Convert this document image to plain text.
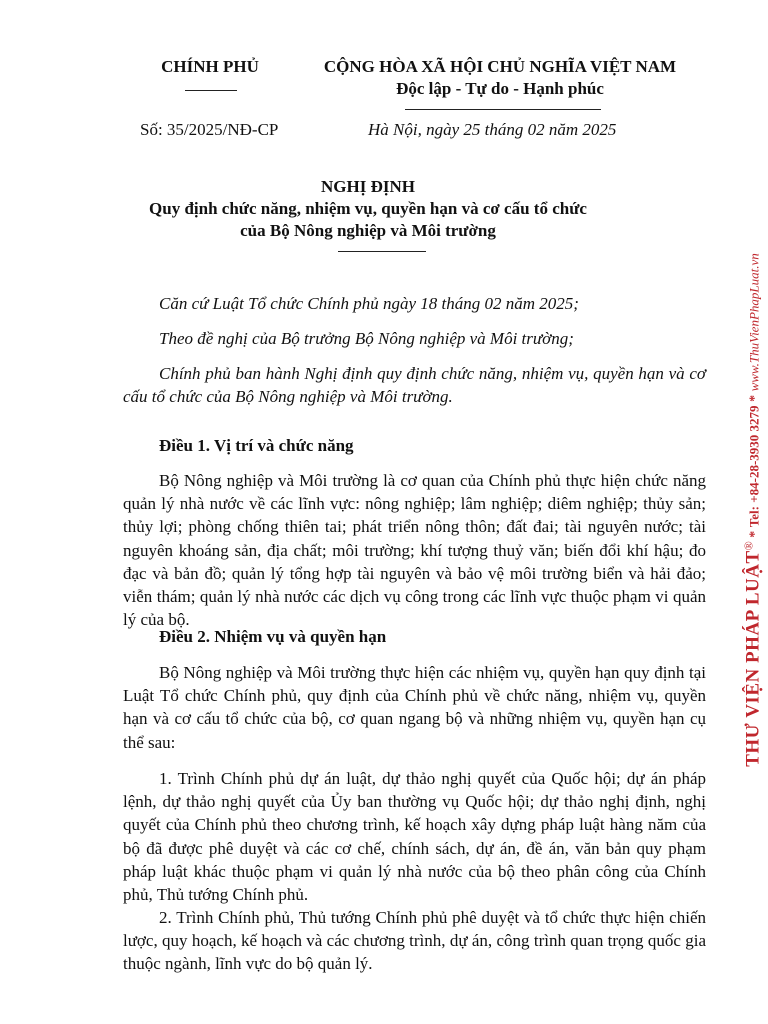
CHÍNH PHỦ	CỘNG HÒA XÃ HỘI CHỦ NGHĨA VIỆT NAM
Độc lập - Tự do - Hạnh phúc
Số: 35/2025/NĐ-CP	Hà Nội, ngày 25 tháng 02 năm 2025
NGHỊ ĐỊNH
Quy định chức năng, nhiệm vụ, quyền hạn và cơ cấu tổ chức
của Bộ Nông nghiệp và Môi trường
Căn cứ Luật Tổ chức Chính phủ ngày 18 tháng 02 năm 2025;
Theo đề nghị của Bộ trưởng Bộ Nông nghiệp và Môi trường;
Chính phủ ban hành Nghị định quy định chức năng, nhiệm vụ, quyền hạn và cơ cấu tổ chức của Bộ Nông nghiệp và Môi trường.
Điều 1. Vị trí và chức năng
Bộ Nông nghiệp và Môi trường là cơ quan của Chính phủ thực hiện chức năng quản lý nhà nước về các lĩnh vực: nông nghiệp; lâm nghiệp; diêm nghiệp; thủy sản; thủy lợi; phòng chống thiên tai; phát triển nông thôn; đất đai; tài nguyên nước; tài nguyên khoáng sản, địa chất; môi trường; khí tượng thuỷ văn; biến đổi khí hậu; đo đạc và bản đồ; quản lý tổng hợp tài nguyên và bảo vệ môi trường biển và hải đảo; viễn thám; quản lý nhà nước các dịch vụ công trong các lĩnh vực thuộc phạm vi quản lý của bộ.
Điều 2. Nhiệm vụ và quyền hạn
Bộ Nông nghiệp và Môi trường thực hiện các nhiệm vụ, quyền hạn quy định tại Luật Tổ chức Chính phủ, quy định của Chính phủ về chức năng, nhiệm vụ, quyền hạn và cơ cấu tổ chức của bộ, cơ quan ngang bộ và những nhiệm vụ, quyền hạn cụ thể sau:
1. Trình Chính phủ dự án luật, dự thảo nghị quyết của Quốc hội; dự án pháp lệnh, dự thảo nghị quyết của Ủy ban thường vụ Quốc hội; dự thảo nghị định, nghị quyết của Chính phủ theo chương trình, kế hoạch xây dựng pháp luật hàng năm của bộ đã được phê duyệt và các cơ chế, chính sách, dự án, đề án, văn bản quy phạm pháp luật khác thuộc phạm vi quản lý nhà nước của bộ theo phân công của Chính phủ, Thủ tướng Chính phủ.
2. Trình Chính phủ, Thủ tướng Chính phủ phê duyệt và tổ chức thực hiện chiến lược, quy hoạch, kế hoạch và các chương trình, dự án, công trình quan trọng quốc gia thuộc ngành, lĩnh vực do bộ quản lý.
THƯ VIỆN PHÁP LUẬT® * Tel: +84-28-3930 3279 * www.ThuVienPhapLuat.vn
